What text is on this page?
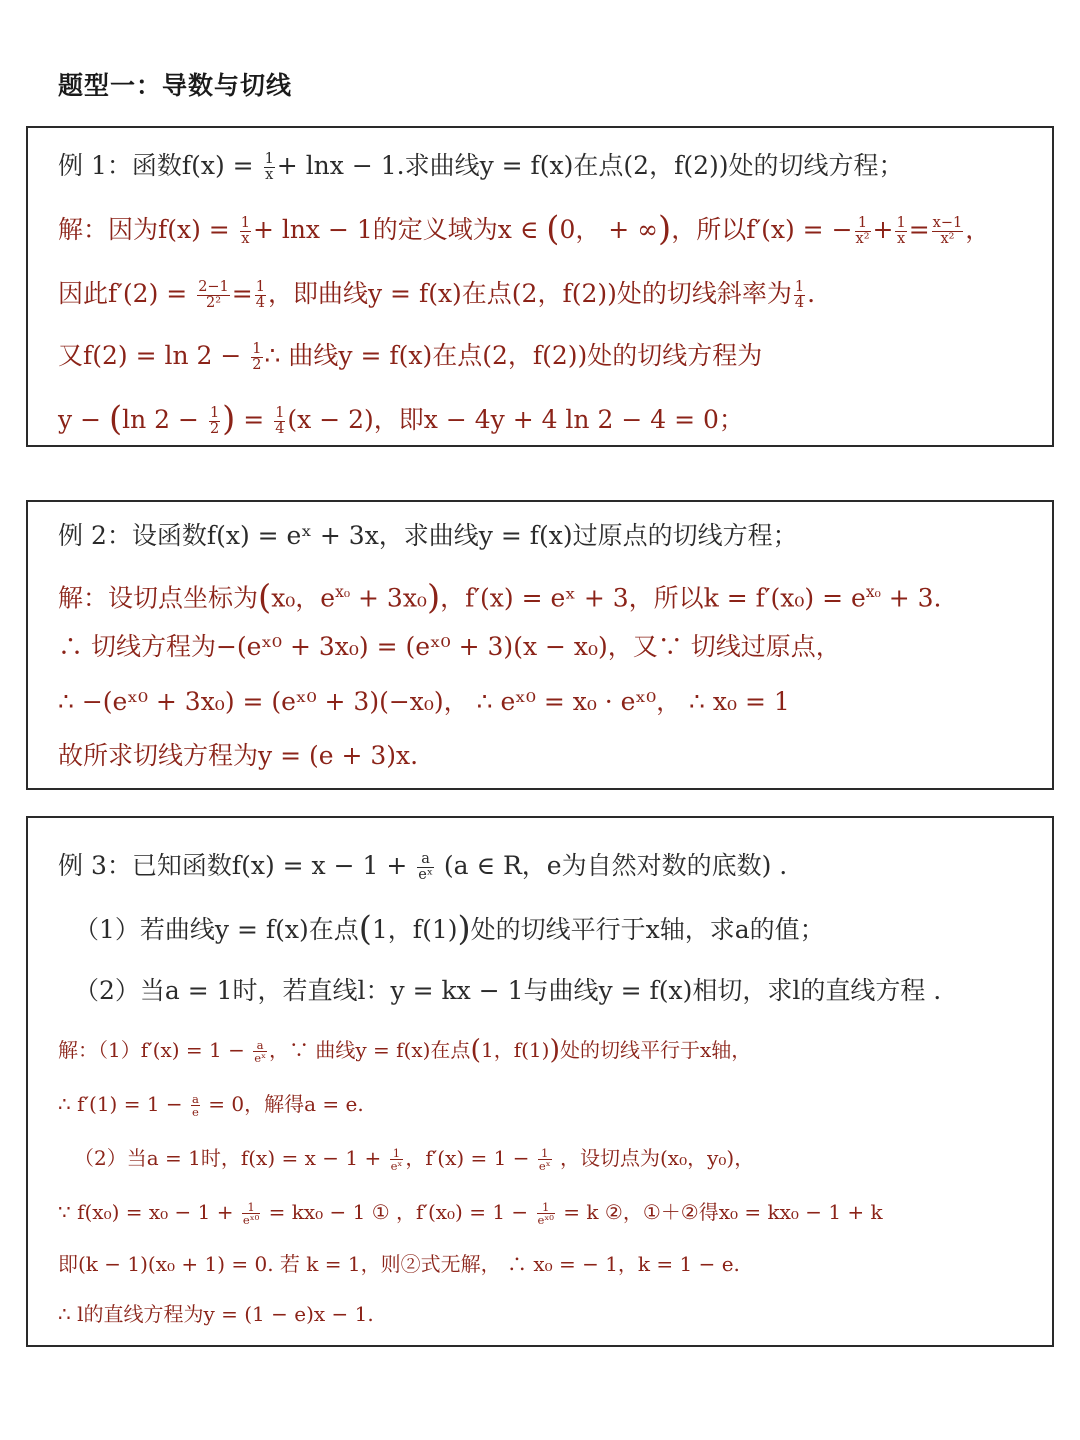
题型一：导数与切线
例 1：函数$f(x) = \frac{1}{x} + \ln x - 1$.求曲线y = f(x)在点(2，f(2))处的切线方程；
解：因为$f(x) = \frac{1}{x} + \ln x - 1$的定义域为x ∈ (0， + ∞)，所以f′(x) = − $\frac{1}{\text{x²}} + \frac{1}{x} = \frac{x-1}{\text{x²}}$ ，
因此$f'(2) = \frac{2-1}{\text{2²}} = \frac{1}{4}$ ，即曲线y = f(x)在点(2，f(2))处的切线斜率为 $\frac{1}{4}$ .
又$f(2) = \ln 2 - \frac{1}{2}$ ∴ 曲线y = f(x)在点(2，f(2))处的切线方程为
y − (ln $2 - \frac{1}{2}$ ) = $\frac{1}{4} (x - 2)$，即x − 4y + 4 ln 2 − 4 = 0；
例 2：设函数f(x) = eˣ + 3x，求曲线y = f(x)过原点的切线方程；
解：设切点坐标为(x₀，$e^{x_0} + 3x_0$)，f′(x) = eˣ + 3，所以$k = f'(x_0) = e^{x_0} + 3$.
∴ 切线方程为−(eˣ⁰ + 3x₀) = (eˣ⁰ + 3)(x − x₀)，又∵ 切线过原点，
∴ −(eˣ⁰ + 3x₀) = (eˣ⁰ + 3)(−x₀)， ∴ eˣ⁰ = x₀ · eˣ⁰， ∴ x₀ = 1
故所求切线方程为y = (e + 3)x.
例 3：已知函数$f(x) = x - 1 + \frac{a}{\text{eˣ}} (a$ ∈ R，e为自然对数的底数) .
（1）若曲线y = f(x)在点(1，f(1))处的切线平行于x轴，求a的值；
（2）当a = 1时，若直线l：y = kx − 1与曲线y = f(x)相切，求l的直线方程 .
解：$(1)f'(x) = 1 - \frac{a}{\text{eˣ}}$ ，∵ 曲线y = f(x)在点(1，f(1))处的切线平行于x轴，
∴ $f'(1) = 1 - \frac{a}{e} = 0$，解得a = e.
（2）当a = 1时，$f(x) = x - 1 + \frac{1}{\text{eˣ}}$ ，$f'(x) = 1 - \frac{1}{\text{eˣ}}$ ，设切点为(x₀，y₀)，
∵ $f(x_0) = x_0 - 1 + \frac{1}{\text{eˣ⁰}} = kx_0 - 1$ ① ，$f'(x_0) = 1 - \frac{1}{\text{eˣ⁰}} = k$ ②，①＋②得x₀ = kx₀ − 1 + k
即(k − 1)(x₀ + 1) = 0. 若 k = 1，则②式无解， ∴ x₀ = − 1，k = 1 − e.
∴ l的直线方程为y = (1 − e)x − 1.
